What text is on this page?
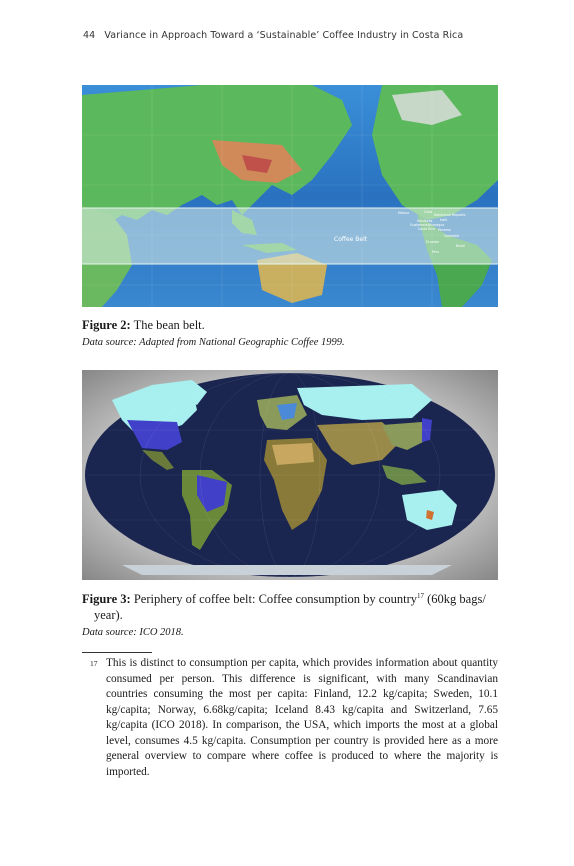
44 Variance in Approach Toward a ‘Sustainable’ Coffee Industry in Costa Rica
Coffee Belt
Mexico	Cuba
Dominican Republic
Honduras Haiti
Guatemala Nicaragua
Costa Rica Panama
Colombia
Ecuador
Brazil
Peru
Figure 2: The bean belt.
Data source: Adapted from National Geographic Coffee 1999.
Figure 3: Periphery of coffee belt: Coffee consumption by country$^{17}$ (60kg bags/
year).
Data source: ICO 2018.
17 This is distinct to consumption per capita, which provides information about quantity consumed per person. This difference is significant, with many Scandinavian countries consuming the most per capita: Finland, 12.2 kg/capita; Sweden, 10.1 kg/capita; Norway, 6.68kg/capita; Iceland 8.43 kg/capita and Switzerland, 7.65 kg/capita (ICO 2018). In comparison, the USA, which imports the most at a global level, consumes 4.5 kg/capita. Consumption per country is provided here as a more general overview to compare where coffee is produced to where the majority is imported.
